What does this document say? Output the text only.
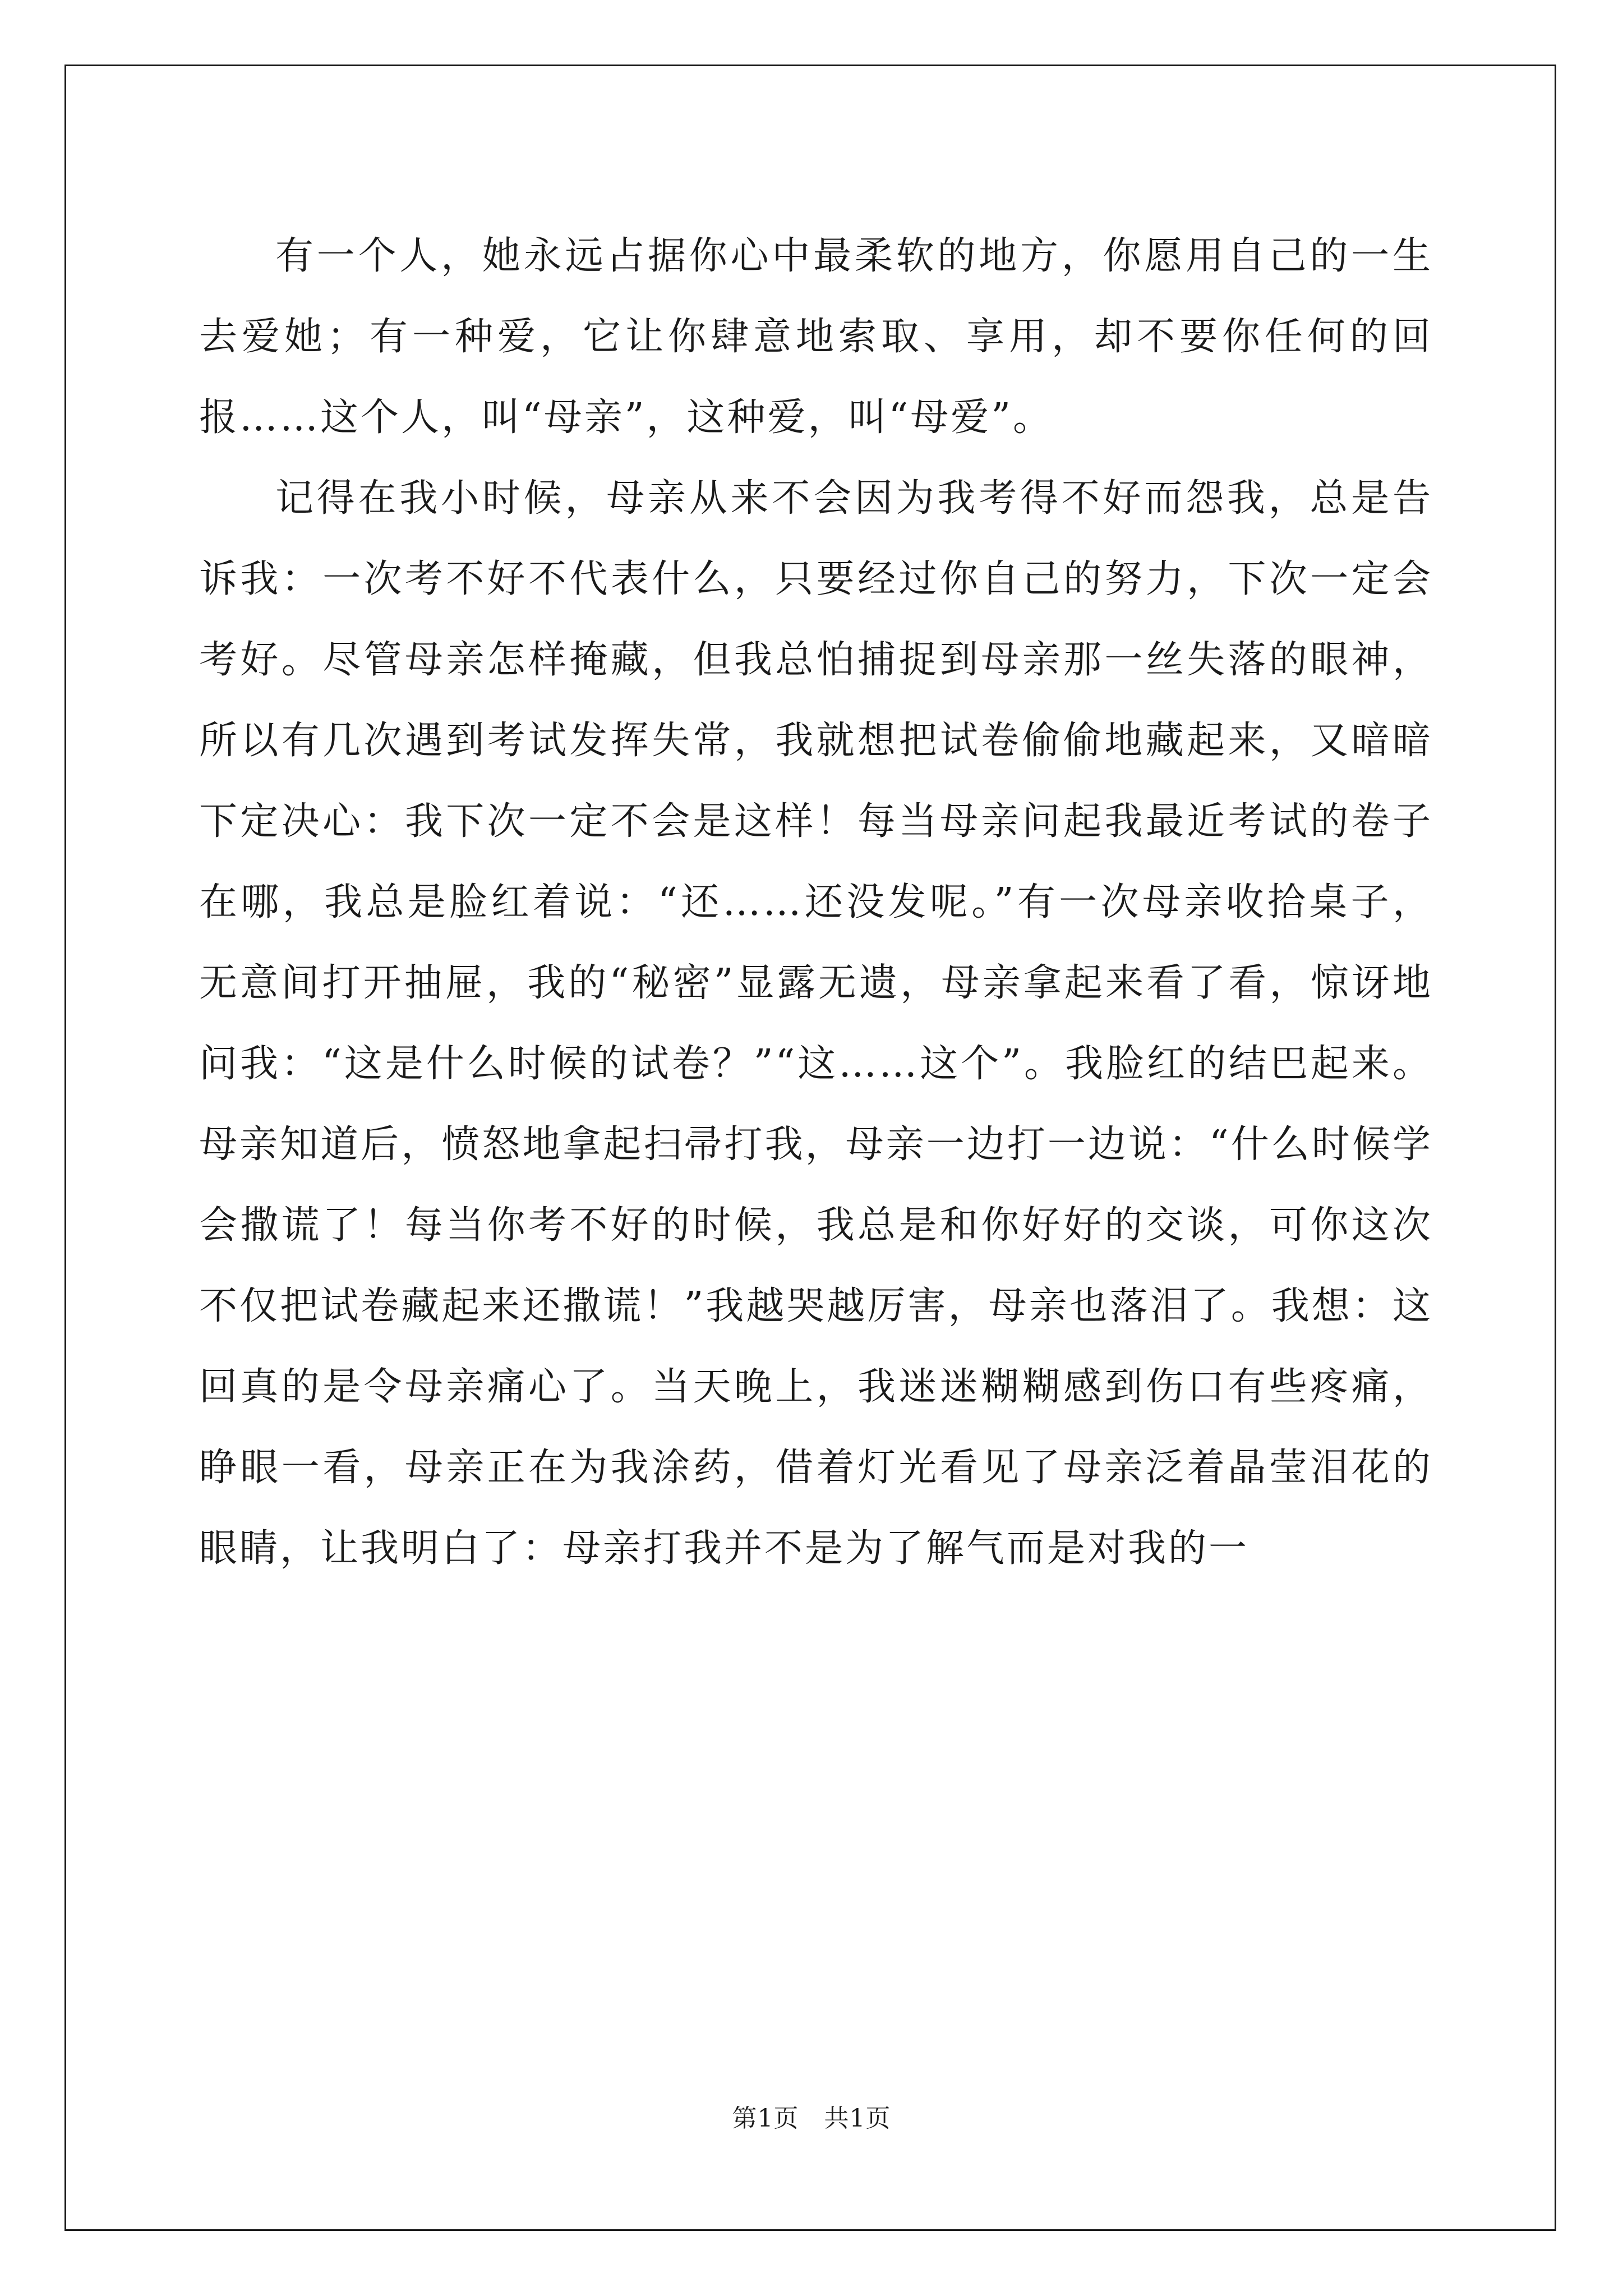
有一个人，她永远占据你心中最柔软的地方，你愿用自己的一生去爱她；有一种爱，它让你肆意地索取、享用，却不要你任何的回报……这个人，叫“母亲”，这种爱，叫“母爱”。

记得在我小时候，母亲从来不会因为我考得不好而怨我，总是告诉我：一次考不好不代表什么，只要经过你自己的努力，下次一定会考好。尽管母亲怎样掩藏，但我总怕捕捉到母亲那一丝失落的眼神，所以有几次遇到考试发挥失常，我就想把试卷偷偷地藏起来，又暗暗下定决心：我下次一定不会是这样！每当母亲问起我最近考试的卷子在哪，我总是脸红着说：“还……还没发呢。”有一次母亲收拾桌子，无意间打开抽屉，我的“秘密”显露无遗，母亲拿起来看了看，惊讶地问我：“这是什么时候的试卷？”“这……这个”。我脸红的结巴起来。母亲知道后，愤怒地拿起扫帚打我，母亲一边打一边说：“什么时候学会撒谎了！每当你考不好的时候，我总是和你好好的交谈，可你这次不仅把试卷藏起来还撒谎！”我越哭越厉害，母亲也落泪了。我想：这回真的是令母亲痛心了。当天晚上，我迷迷糊糊感到伤口有些疼痛，睁眼一看，母亲正在为我涂药，借着灯光看见了母亲泛着晶莹泪花的眼睛，让我明白了：母亲打我并不是为了解气而是对我的一

第1页　共1页
